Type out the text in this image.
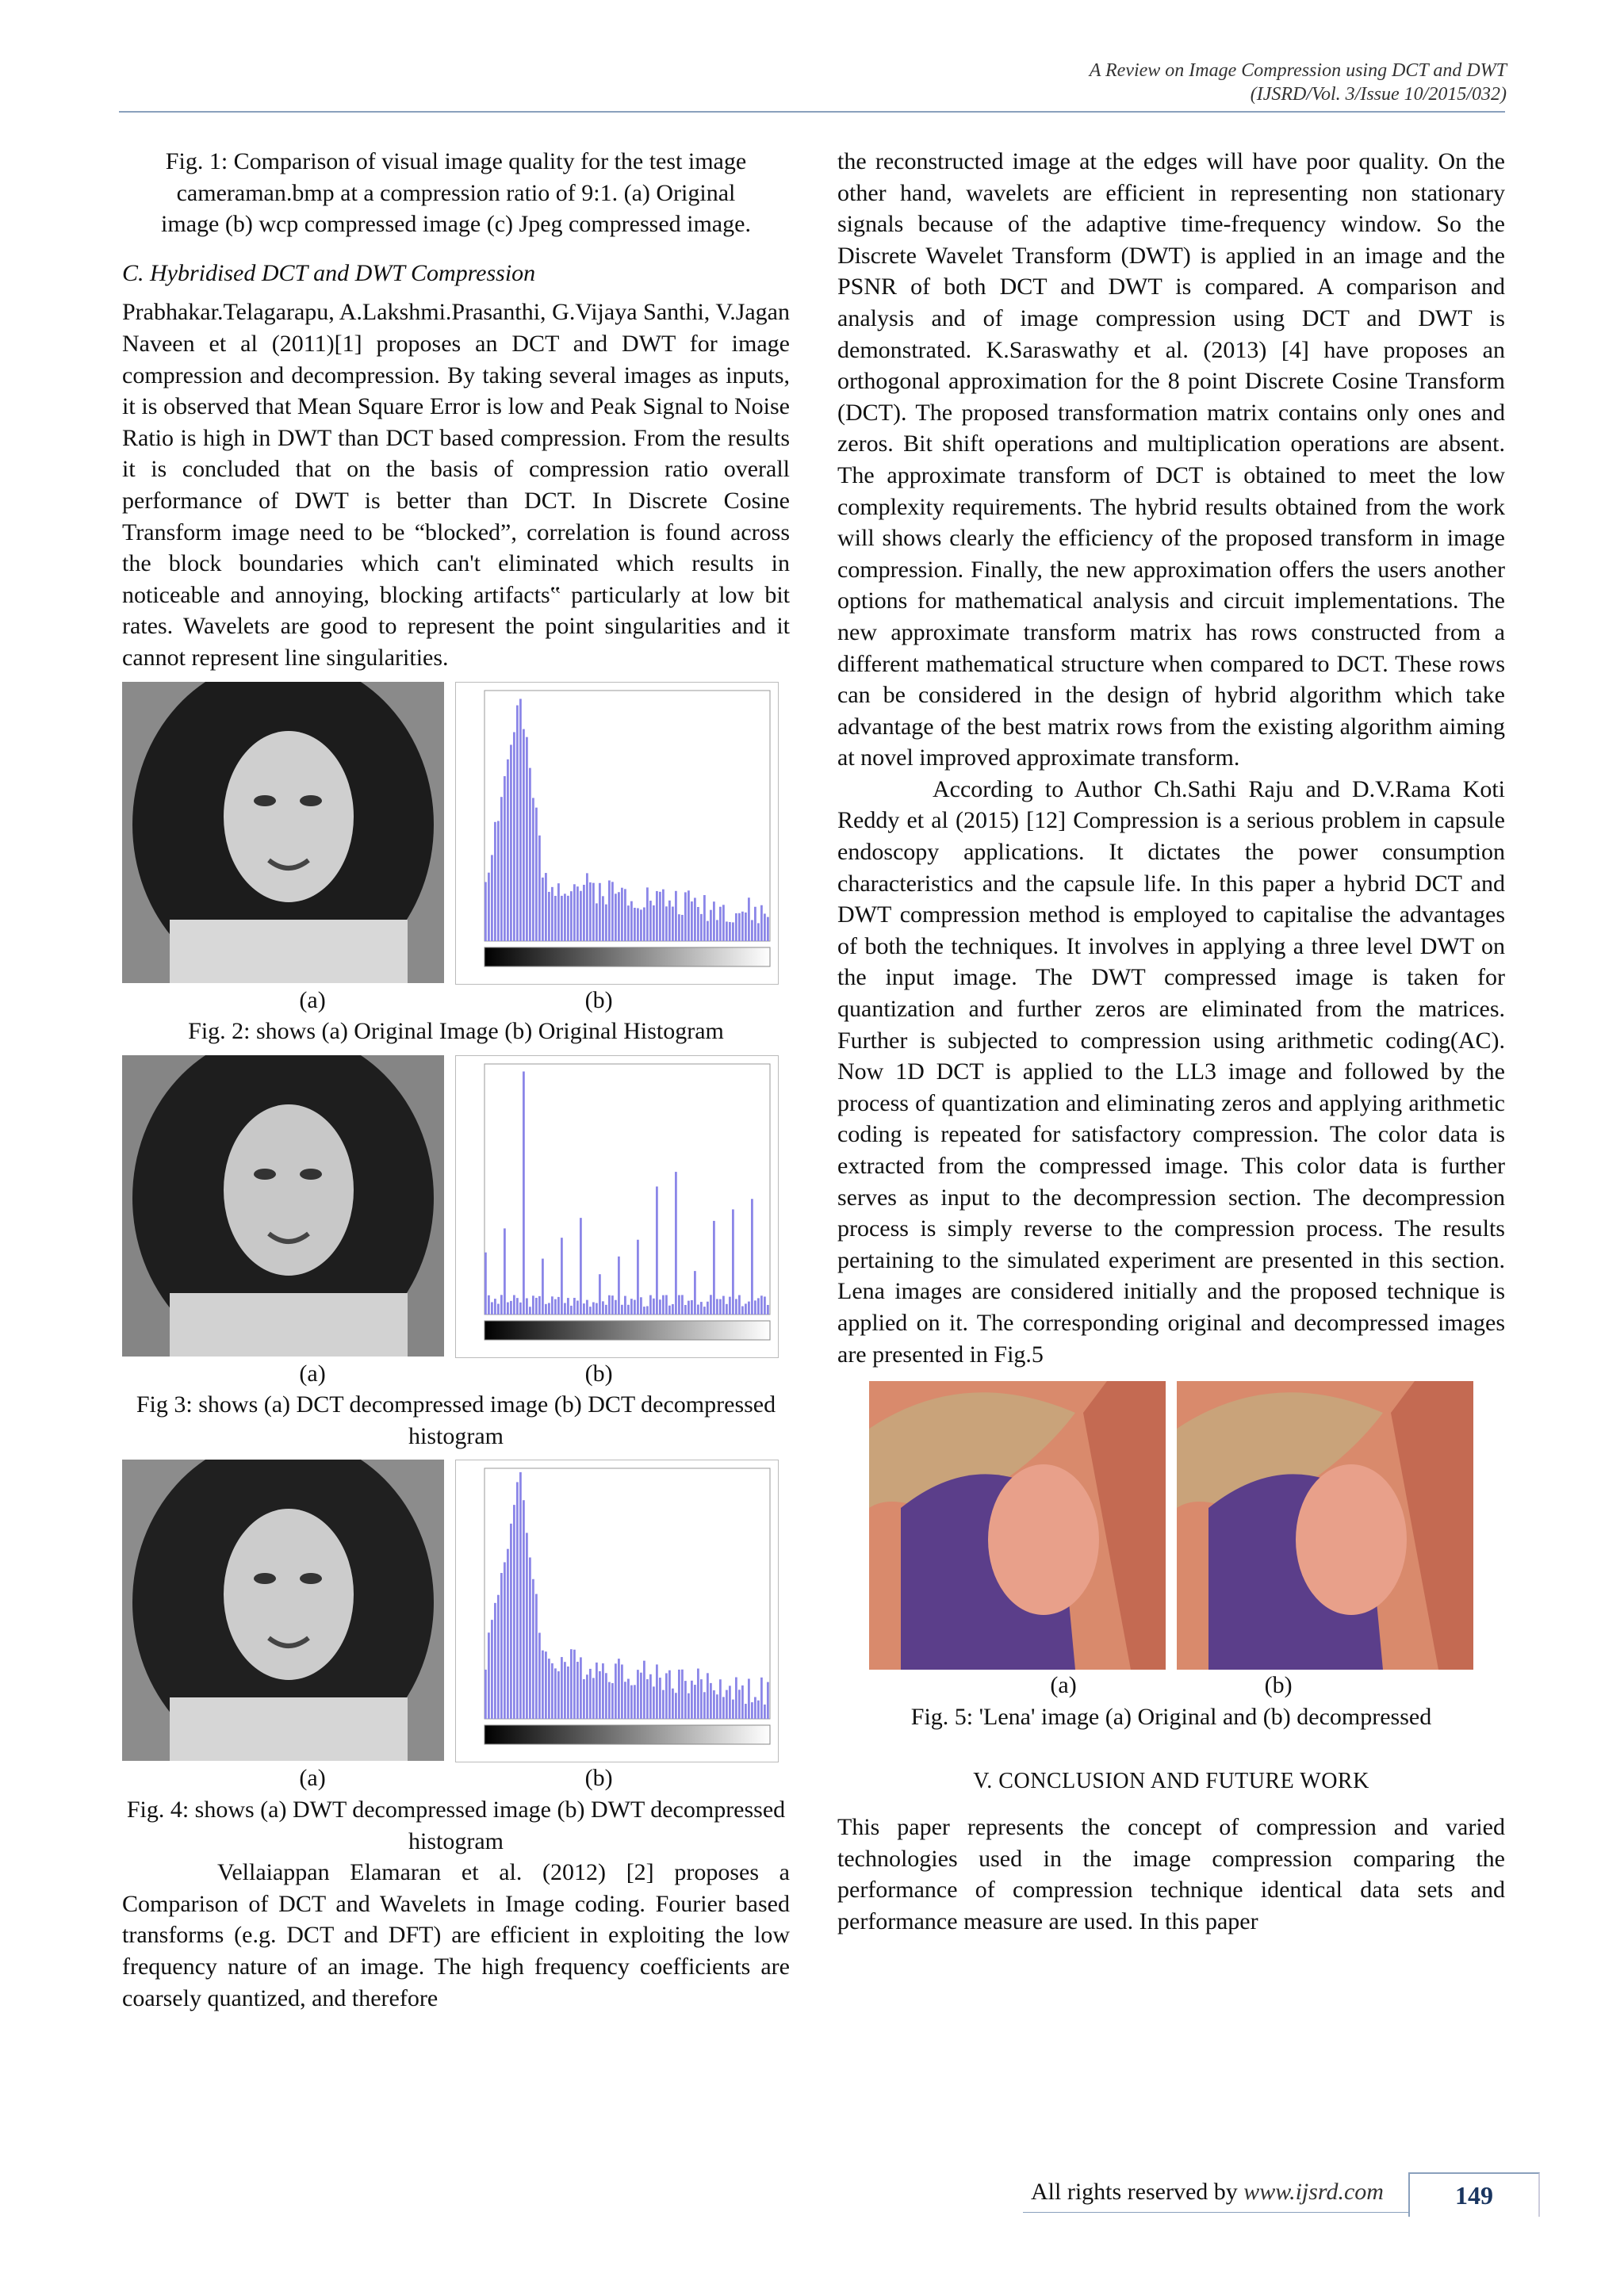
A Review on Image Compression using DCT and DWT
(IJSRD/Vol. 3/Issue 10/2015/032)

Fig. 1: Comparison of visual image quality for the test image cameraman.bmp at a compression ratio of 9:1. (a) Original image (b) wcp compressed image (c) Jpeg compressed image.

C. Hybridised DCT and DWT Compression

Prabhakar.Telagarapu, A.Lakshmi.Prasanthi, G.Vijaya Santhi, V.Jagan Naveen et al (2011)[1] proposes an DCT and DWT for image compression and decompression. By taking several images as inputs, it is observed that Mean Square Error is low and Peak Signal to Noise Ratio is high in DWT than DCT based compression. From the results it is concluded that on the basis of compression ratio overall performance of DWT is better than DCT. In Discrete Cosine Transform image need to be “blocked”, correlation is found across the block boundaries which can't eliminated which results in noticeable and annoying, blocking artifacts‟ particularly at low bit rates. Wavelets are good to represent the point singularities and it cannot represent line singularities.

(a)	(b)

Fig. 2: shows (a) Original Image (b) Original Histogram

(a)	(b)

Fig 3: shows (a) DCT decompressed image (b) DCT decompressed histogram

(a)	(b)

Fig. 4: shows (a) DWT decompressed image (b) DWT decompressed histogram

Vellaiappan Elamaran et al. (2012) [2] proposes a Comparison of DCT and Wavelets in Image coding. Fourier based transforms (e.g. DCT and DFT) are efficient in exploiting the low frequency nature of an image. The high frequency coefficients are coarsely quantized, and therefore

the reconstructed image at the edges will have poor quality. On the other hand, wavelets are efficient in representing non stationary signals because of the adaptive time-frequency window. So the Discrete Wavelet Transform (DWT) is applied in an image and the PSNR of both DCT and DWT is compared. A comparison and analysis and of image compression using DCT and DWT is demonstrated. K.Saraswathy et al. (2013) [4] have proposes an orthogonal approximation for the 8 point Discrete Cosine Transform (DCT). The proposed transformation matrix contains only ones and zeros. Bit shift operations and multiplication operations are absent. The approximate transform of DCT is obtained to meet the low complexity requirements. The hybrid results obtained from the work will shows clearly the efficiency of the proposed transform in image compression. Finally, the new approximation offers the users another options for mathematical analysis and circuit implementations. The new approximate transform matrix has rows constructed from a different mathematical structure when compared to DCT. These rows can be considered in the design of hybrid algorithm which take advantage of the best matrix rows from the existing algorithm aiming at novel improved approximate transform.

According to Author Ch.Sathi Raju and D.V.Rama Koti Reddy et al (2015) [12] Compression is a serious problem in capsule endoscopy applications. It dictates the power consumption characteristics and the capsule life. In this paper a hybrid DCT and DWT compression method is employed to capitalise the advantages of both the techniques. It involves in applying a three level DWT on the input image. The DWT compressed image is taken for quantization and further zeros are eliminated from the matrices. Further is subjected to compression using arithmetic coding(AC). Now 1D DCT is applied to the LL3 image and followed by the process of quantization and eliminating zeros and applying arithmetic coding is repeated for satisfactory compression. The color data is extracted from the compressed image. This color data is further serves as input to the decompression section. The decompression process is simply reverse to the compression process. The results pertaining to the simulated experiment are presented in this section. Lena images are considered initially and the proposed technique is applied on it. The corresponding original and decompressed images are presented in Fig.5

(a)	(b)

Fig. 5: 'Lena' image (a) Original and (b) decompressed

V. CONCLUSION AND FUTURE WORK

This paper represents the concept of compression and varied technologies used in the image compression comparing the performance of compression technique identical data sets and performance measure are used. In this paper

All rights reserved by www.ijsrd.com	149
